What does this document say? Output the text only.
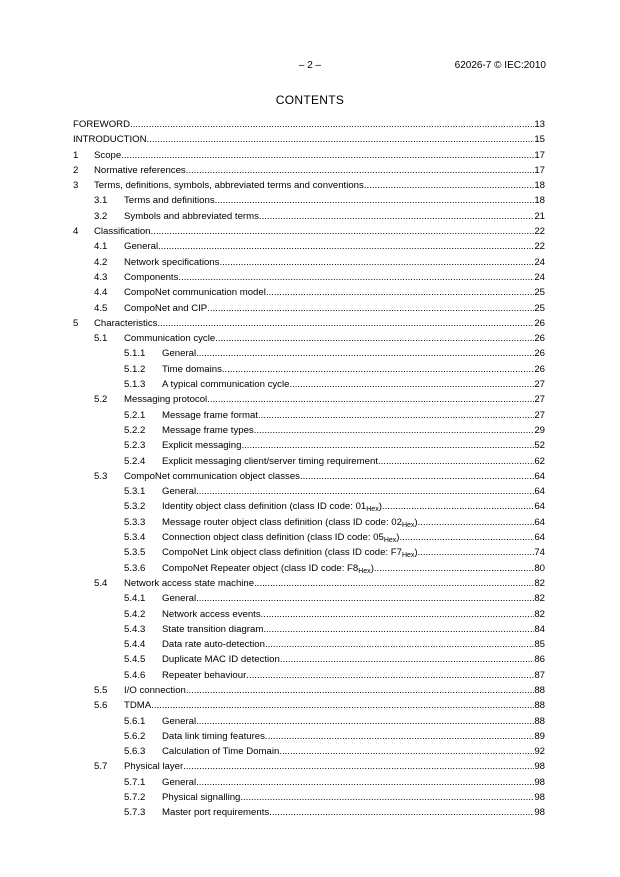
– 2 –	62026-7 © IEC:2010
CONTENTS
FOREWORD .....	13
INTRODUCTION .....	15
1	Scope .....	17
2	Normative references .....	17
3	Terms, definitions, symbols, abbreviated terms and conventions .....	18
3.1	Terms and definitions .....	18
3.2	Symbols and abbreviated terms .....	21
4	Classification .....	22
4.1	General .....	22
4.2	Network specifications .....	24
4.3	Components .....	24
4.4	CompoNet communication model .....	25
4.5	CompoNet and CIP .....	25
5	Characteristics .....	26
5.1	Communication cycle .....	26
5.1.1	General .....	26
5.1.2	Time domains .....	26
5.1.3	A typical communication cycle .....	27
5.2	Messaging protocol .....	27
5.2.1	Message frame format .....	27
5.2.2	Message frame types .....	29
5.2.3	Explicit messaging .....	52
5.2.4	Explicit messaging client/server timing requirement .....	62
5.3	CompoNet communication object classes .....	64
5.3.1	General .....	64
5.3.2	Identity object class definition (class ID code: $01_{Hex}$) .....	64
5.3.3	Message router object class definition (class ID code: $02_{Hex}$) .....	64
5.3.4	Connection object class definition (class ID code: $05_{Hex}$) .....	64
5.3.5	CompoNet Link object class definition (class ID code: $F7_{Hex}$) .....	74
5.3.6	CompoNet Repeater object (class ID code: $F8_{Hex}$) .....	80
5.4	Network access state machine .....	82
5.4.1	General .....	82
5.4.2	Network access events .....	82
5.4.3	State transition diagram .....	84
5.4.4	Data rate auto-detection .....	85
5.4.5	Duplicate MAC ID detection .....	86
5.4.6	Repeater behaviour .....	87
5.5	I/O connection .....	88
5.6	TDMA .....	88
5.6.1	General .....	88
5.6.2	Data link timing features .....	89
5.6.3	Calculation of Time Domain .....	92
5.7	Physical layer .....	98
5.7.1	General .....	98
5.7.2	Physical signalling .....	98
5.7.3	Master port requirements .....	98
